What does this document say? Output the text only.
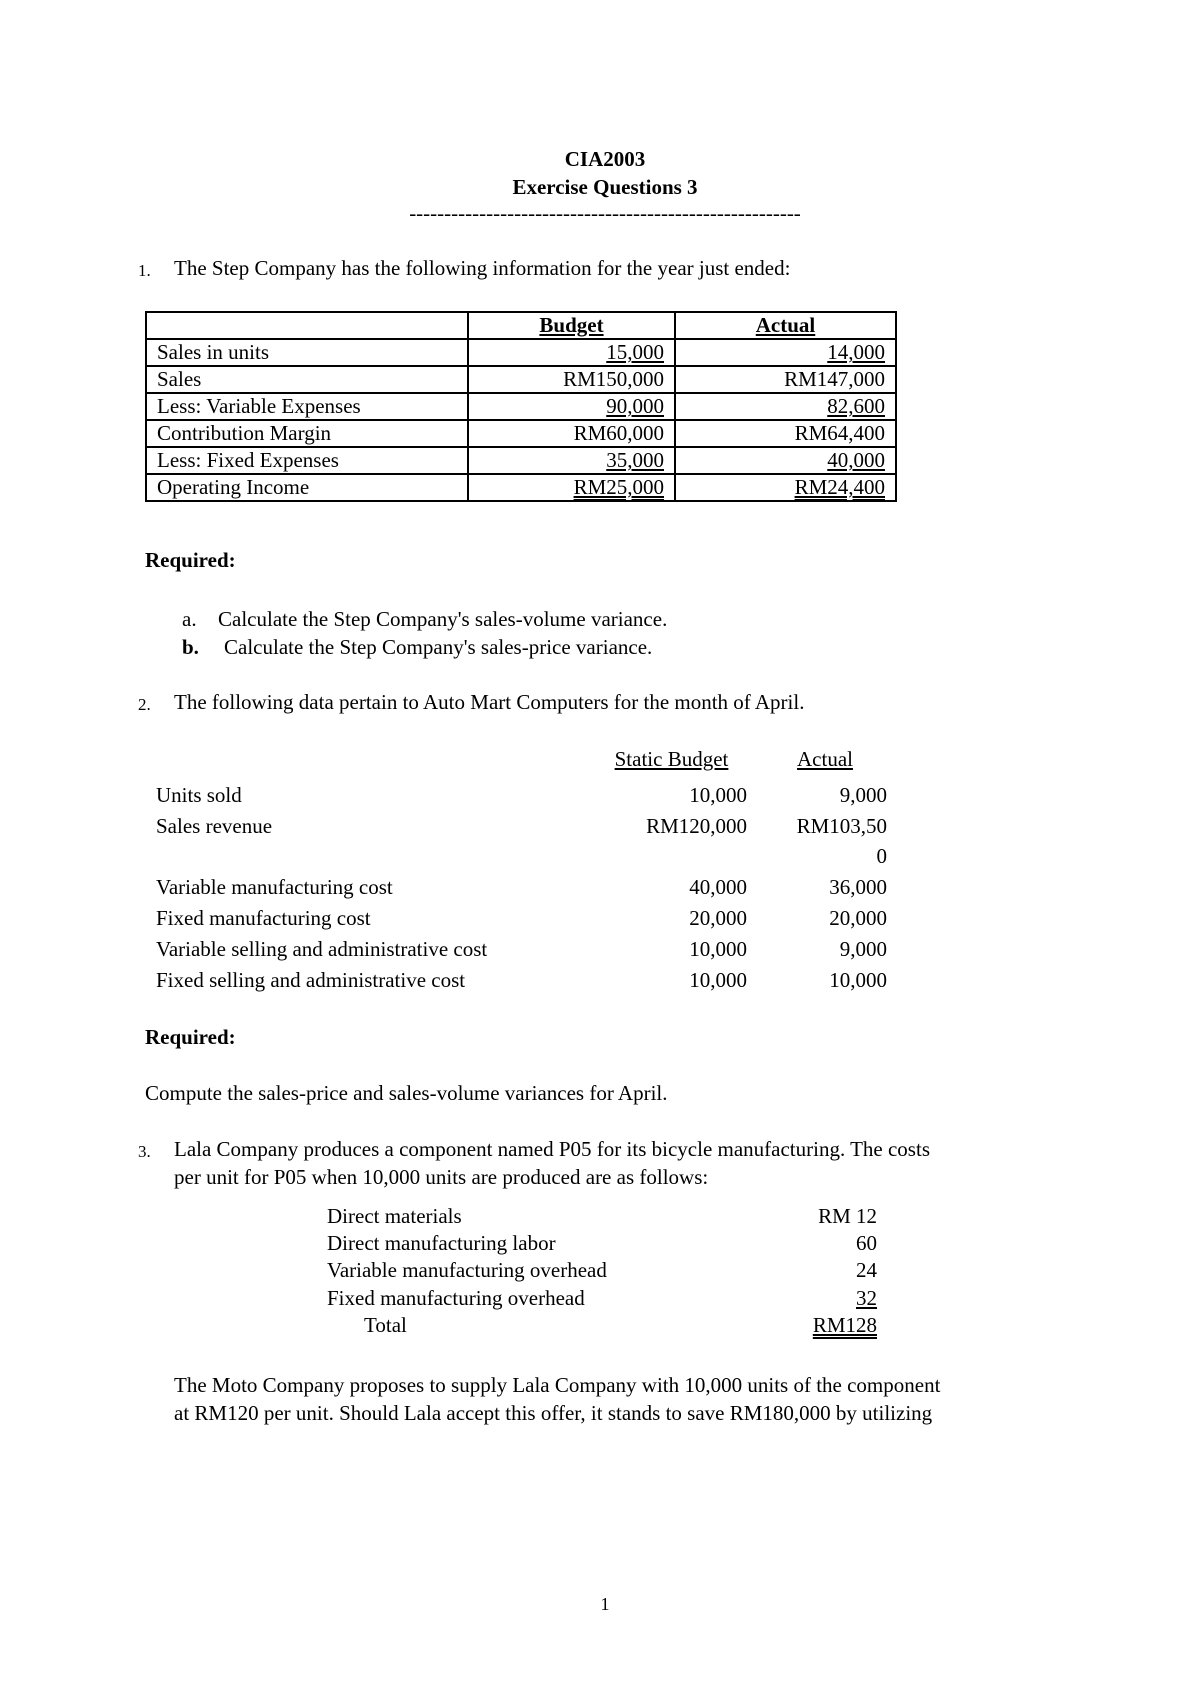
CIA2003
Exercise Questions 3
--------------------------------------------------------
1. The Step Company has the following information for the year just ended:
	Budget	Actual
Sales in units	15,000	14,000
Sales	RM150,000	RM147,000
Less: Variable Expenses	90,000	82,600
Contribution Margin	RM60,000	RM64,400
Less: Fixed Expenses	35,000	40,000
Operating Income	RM25,000	RM24,400
Required:
a. Calculate the Step Company's sales-volume variance.
b. Calculate the Step Company's sales-price variance.
2. The following data pertain to Auto Mart Computers for the month of April.
Static Budget	Actual
Units sold	10,000	9,000
Sales revenue	RM120,000	RM103,50
0
Variable manufacturing cost	40,000	36,000
Fixed manufacturing cost	20,000	20,000
Variable selling and administrative cost	10,000	9,000
Fixed selling and administrative cost	10,000	10,000
Required:
Compute the sales-price and sales-volume variances for April.
3. Lala Company produces a component named P05 for its bicycle manufacturing. The costs
per unit for P05 when 10,000 units are produced are as follows:
Direct materials	RM 12
Direct manufacturing labor	60
Variable manufacturing overhead	24
Fixed manufacturing overhead	32
Total	RM128
The Moto Company proposes to supply Lala Company with 10,000 units of the component
at RM120 per unit. Should Lala accept this offer, it stands to save RM180,000 by utilizing
1
